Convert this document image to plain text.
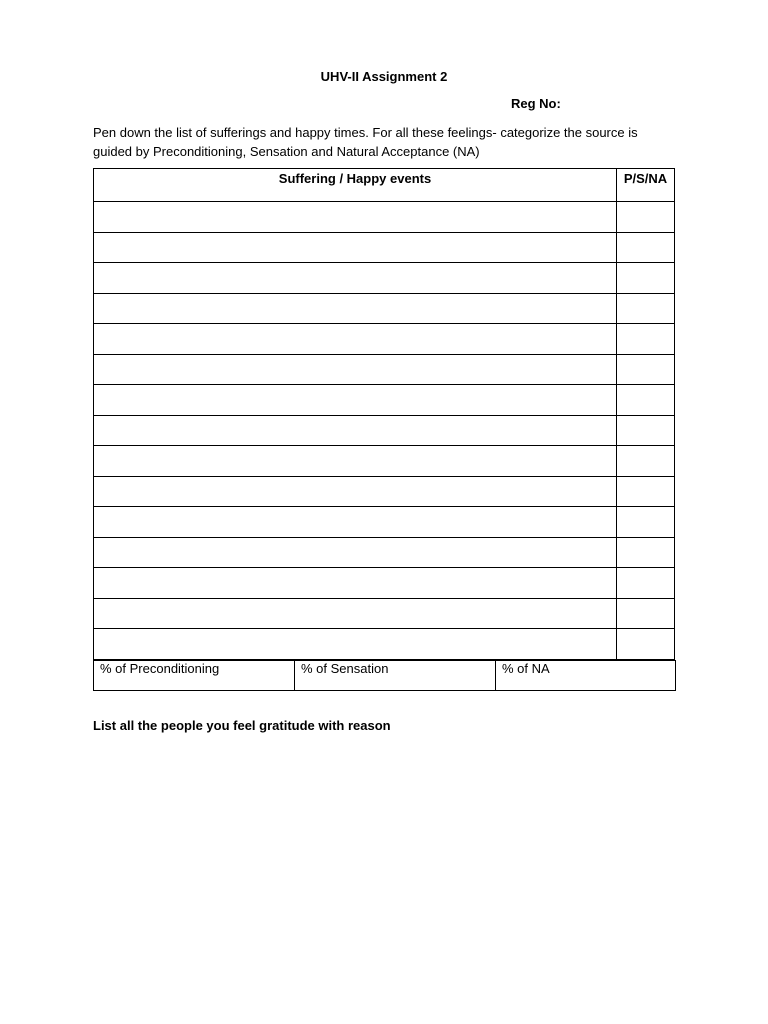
UHV-II Assignment 2
Reg No:
Pen down the list of sufferings and happy times. For all these feelings- categorize the source is guided by Preconditioning, Sensation and Natural Acceptance (NA)
Suffering / Happy events	P/S/NA

% of Preconditioning	% of Sensation	% of NA
List all the people you feel gratitude with reason
